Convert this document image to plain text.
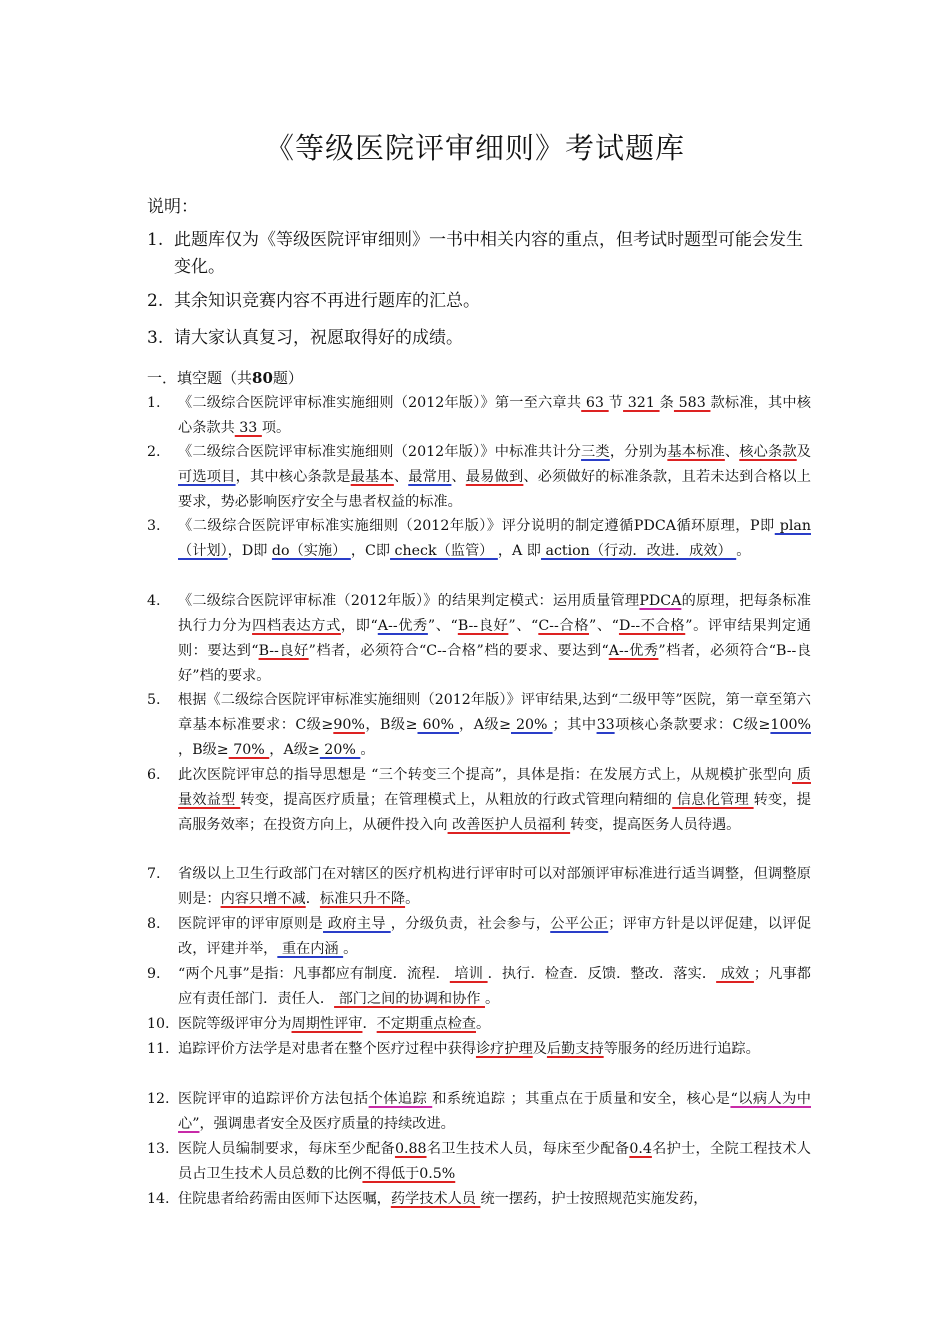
《等级医院评审细则》考试题库
说明：
1. 此题库仅为《等级医院评审细则》一书中相关内容的重点，但考试时题型可能会发生变化。
2. 其余知识竞赛内容不再进行题库的汇总。
3. 请大家认真复习，祝愿取得好的成绩。
一．填空题（共80题）
1. 《二级综合医院评审标准实施细则（2012年版）》第一至六章共 63 节 321 条 583 款标准，其中核心条款共 33 项。
2. 《二级综合医院评审标准实施细则（2012年版）》中标准共计分三类，分别为基本标准、核心条款及可选项目，其中核心条款是最基本、最常用、最易做到、必须做好的标准条款，且若未达到合格以上要求，势必影响医疗安全与患者权益的标准。
3. 《二级综合医院评审标准实施细则（2012年版）》评分说明的制定遵循PDCA循环原理，P即 plan（计划），D即 do（实施） ，C即 check（监管） ，A 即 action（行动．改进．成效） 。
4. 《二级综合医院评审标准（2012年版）》的结果判定模式：运用质量管理PDCA的原理，把每条标准执行力分为四档表达方式，即“A--优秀”、“B--良好”、“C--合格”、“D--不合格”。评审结果判定通则：要达到“B--良好”档者，必须符合“C--合格”档的要求、要达到“A--优秀”档者，必须符合“B--良好”档的要求。
5. 根据《二级综合医院评审标准实施细则（2012年版）》评审结果,达到“二级甲等”医院，第一章至第六章基本标准要求：C级≥90%，B级≥ 60% ，A级≥ 20% ；其中33项核心条款要求：C级≥100% ，B级≥ 70% ，A级≥ 20% 。
6. 此次医院评审总的指导思想是 “三个转变三个提高”，具体是指：在发展方式上，从规模扩张型向 质量效益型 转变，提高医疗质量；在管理模式上，从粗放的行政式管理向精细的 信息化管理 转变，提高服务效率；在投资方向上，从硬件投入向 改善医护人员福利 转变，提高医务人员待遇。
7. 省级以上卫生行政部门在对辖区的医疗机构进行评审时可以对部颁评审标准进行适当调整，但调整原则是：内容只增不减．标准只升不降。
8. 医院评审的评审原则是 政府主导 ，分级负责，社会参与，公平公正；评审方针是以评促建，以评促改，评建并举， 重在内涵 。
9. “两个凡事”是指：凡事都应有制度．流程． 培训 ．执行．检查．反馈．整改．落实． 成效 ；凡事都应有责任部门．责任人． 部门之间的协调和协作 。
10. 医院等级评审分为周期性评审．不定期重点检查。
11. 追踪评价方法学是对患者在整个医疗过程中获得诊疗护理及后勤支持等服务的经历进行追踪。
12. 医院评审的追踪评价方法包括个体追踪 和系统追踪 ；其重点在于质量和安全，核心是“以病人为中心”，强调患者安全及医疗质量的持续改进。
13. 医院人员编制要求，每床至少配备0.88名卫生技术人员，每床至少配备0.4名护士，全院工程技术人员占卫生技术人员总数的比例不得低于0.5%
14. 住院患者给药需由医师下达医嘱，药学技术人员 统一摆药，护士按照规范实施发药，
